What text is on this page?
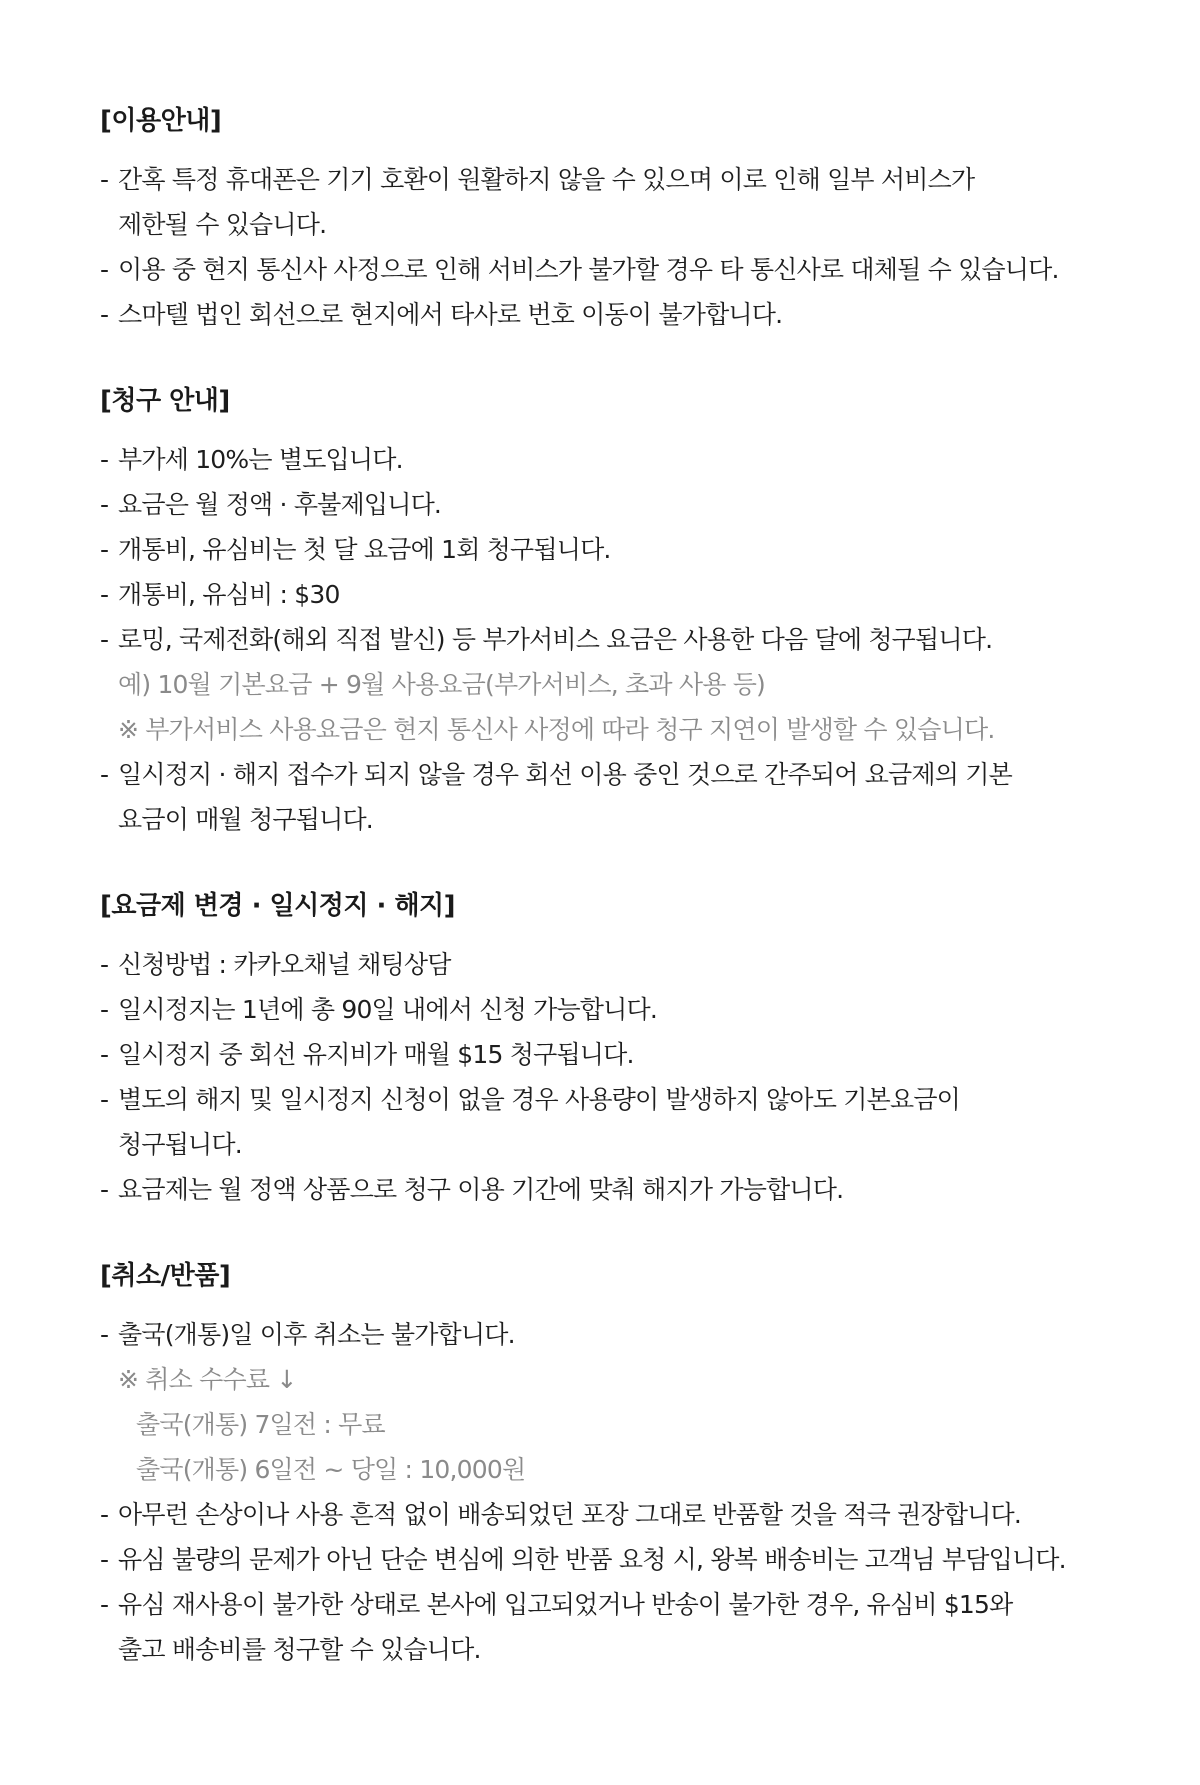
[이용안내]
- 간혹 특정 휴대폰은 기기 호환이 원활하지 않을 수 있으며 이로 인해 일부 서비스가
제한될 수 있습니다.
- 이용 중 현지 통신사 사정으로 인해 서비스가 불가할 경우 타 통신사로 대체될 수 있습니다.
- 스마텔 법인 회선으로 현지에서 타사로 번호 이동이 불가합니다.
[청구 안내]
- 부가세 10%는 별도입니다.
- 요금은 월 정액 · 후불제입니다.
- 개통비, 유심비는 첫 달 요금에 1회 청구됩니다.
- 개통비, 유심비 : $30
- 로밍, 국제전화(해외 직접 발신) 등 부가서비스 요금은 사용한 다음 달에 청구됩니다.
예) 10월 기본요금 + 9월 사용요금(부가서비스, 초과 사용 등)
※ 부가서비스 사용요금은 현지 통신사 사정에 따라 청구 지연이 발생할 수 있습니다.
- 일시정지 · 해지 접수가 되지 않을 경우 회선 이용 중인 것으로 간주되어 요금제의 기본
요금이 매월 청구됩니다.
[요금제 변경 · 일시정지 · 해지]
- 신청방법 : 카카오채널 채팅상담
- 일시정지는 1년에 총 90일 내에서 신청 가능합니다.
- 일시정지 중 회선 유지비가 매월 $15 청구됩니다.
- 별도의 해지 및 일시정지 신청이 없을 경우 사용량이 발생하지 않아도 기본요금이
청구됩니다.
- 요금제는 월 정액 상품으로 청구 이용 기간에 맞춰 해지가 가능합니다.
[취소/반품]
- 출국(개통)일 이후 취소는 불가합니다.
※ 취소 수수료 ↓
출국(개통) 7일전 : 무료
출국(개통) 6일전 ~ 당일 : 10,000원
- 아무런 손상이나 사용 흔적 없이 배송되었던 포장 그대로 반품할 것을 적극 권장합니다.
- 유심 불량의 문제가 아닌 단순 변심에 의한 반품 요청 시, 왕복 배송비는 고객님 부담입니다.
- 유심 재사용이 불가한 상태로 본사에 입고되었거나 반송이 불가한 경우, 유심비 $15와
출고 배송비를 청구할 수 있습니다.
